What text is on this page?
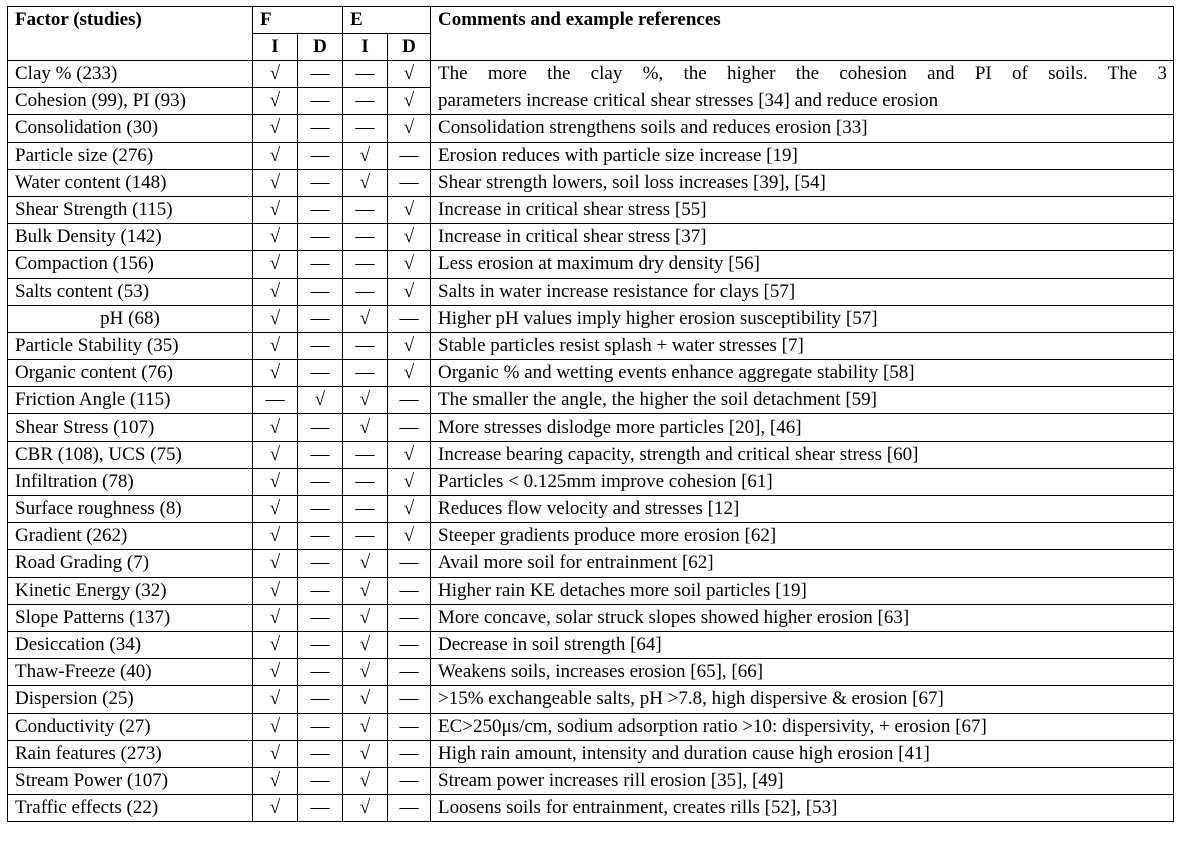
Factor (studies)	F		E		Comments and example references
	I	D	I	D	
Clay % (233)	√	—	—	√	The more the clay %, the higher the cohesion and PI of soils. The 3
Cohesion (99), PI (93)	√	—	—	√	parameters increase critical shear stresses [34] and reduce erosion
Consolidation (30)	√	—	—	√	Consolidation strengthens soils and reduces erosion [33]
Particle size (276)	√	—	√	—	Erosion reduces with particle size increase [19]
Water content (148)	√	—	√	—	Shear strength lowers, soil loss increases [39], [54]
Shear Strength (115)	√	—	—	√	Increase in critical shear stress [55]
Bulk Density (142)	√	—	—	√	Increase in critical shear stress [37]
Compaction (156)	√	—	—	√	Less erosion at maximum dry density [56]
Salts content (53)	√	—	—	√	Salts in water increase resistance for clays [57]
pH (68)	√	—	√	—	Higher pH values imply higher erosion susceptibility [57]
Particle Stability (35)	√	—	—	√	Stable particles resist splash + water stresses [7]
Organic content (76)	√	—	—	√	Organic % and wetting events enhance aggregate stability [58]
Friction Angle (115)	—	√	√	—	The smaller the angle, the higher the soil detachment [59]
Shear Stress (107)	√	—	√	—	More stresses dislodge more particles [20], [46]
CBR (108), UCS (75)	√	—	—	√	Increase bearing capacity, strength and critical shear stress [60]
Infiltration (78)	√	—	—	√	Particles < 0.125mm improve cohesion [61]
Surface roughness (8)	√	—	—	√	Reduces flow velocity and stresses [12]
Gradient (262)	√	—	—	√	Steeper gradients produce more erosion [62]
Road Grading (7)	√	—	√	—	Avail more soil for entrainment [62]
Kinetic Energy (32)	√	—	√	—	Higher rain KE detaches more soil particles [19]
Slope Patterns (137)	√	—	√	—	More concave, solar struck slopes showed higher erosion [63]
Desiccation (34)	√	—	√	—	Decrease in soil strength [64]
Thaw-Freeze (40)	√	—	√	—	Weakens soils, increases erosion [65], [66]
Dispersion (25)	√	—	√	—	>15% exchangeable salts, pH >7.8, high dispersive & erosion [67]
Conductivity (27)	√	—	√	—	EC>250μs/cm, sodium adsorption ratio >10: dispersivity, + erosion [67]
Rain features (273)	√	—	√	—	High rain amount, intensity and duration cause high erosion [41]
Stream Power (107)	√	—	√	—	Stream power increases rill erosion [35], [49]
Traffic effects (22)	√	—	√	—	Loosens soils for entrainment, creates rills [52], [53]
